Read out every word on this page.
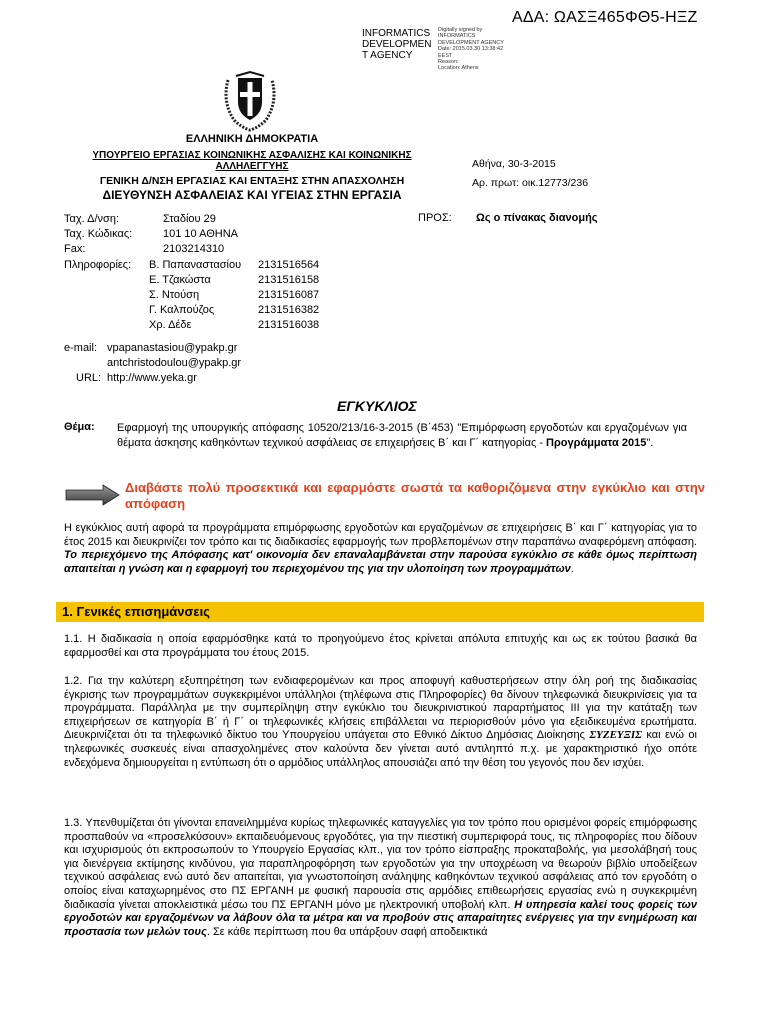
ΑΔΑ: ΩΑΣΞ465ΦΘ5-ΗΞΖ
INFORMATICS
DEVELOPMEN
T AGENCY
Digitally signed by
INFORMATICS
DEVELOPMENT AGENCY
Date: 2015.03.30 13:38:42
EEST
Reason:
Location: Athens
ΕΛΛΗΝΙΚΗ ΔΗΜΟΚΡΑΤΙΑ
ΥΠΟΥΡΓΕΙΟ ΕΡΓΑΣΙΑΣ ΚΟΙΝΩΝΙΚΗΣ ΑΣΦΑΛΙΣΗΣ ΚΑΙ ΚΟΙΝΩΝΙΚΗΣ
ΑΛΛΗΛΕΓΓΥΗΣ
ΓΕΝΙΚΗ Δ/ΝΣΗ ΕΡΓΑΣΙΑΣ ΚΑΙ ΕΝΤΑΞΗΣ ΣΤΗΝ ΑΠΑΣΧΟΛΗΣΗ
ΔΙΕΥΘΥΝΣΗ ΑΣΦΑΛΕΙΑΣ ΚΑΙ ΥΓΕΙΑΣ ΣΤΗΝ ΕΡΓΑΣΙΑ
Αθήνα, 30-3-2015
Αρ. πρωτ: οικ.12773/236
ΠΡΟΣ: Ως ο πίνακας διανομής
Ταχ. Δ/νση:	Σταδίου 29
Ταχ. Κώδικας:	101 10 ΑΘΗΝΑ
Fax:	2103214310
Πληροφορίες: Β. Παπαναστασίου 2131516564
Ε. Τζακώστα	2131516158
Σ. Ντούση	2131516087
Γ. Καλπούζος	2131516382
Χρ. Δέδε	2131516038
e-mail: vpapanastasiou@ypakp.gr
antchristodoulou@ypakp.gr
URL: http://www.yeka.gr
ΕΓΚΥΚΛΙΟΣ
Θέμα: Εφαρμογή της υπουργικής απόφασης 10520/213/16-3-2015 (Β΄453) "Επιμόρφωση εργοδοτών και εργαζομένων για θέματα άσκησης καθηκόντων τεχνικού ασφάλειας σε επιχειρήσεις Β΄ και Γ΄ κατηγορίας - Προγράμματα 2015".
Διαβάστε πολύ προσεκτικά και εφαρμόστε σωστά τα καθοριζόμενα στην εγκύκλιο και στην απόφαση
Η εγκύκλιος αυτή αφορά τα προγράμματα επιμόρφωσης εργοδοτών και εργαζομένων σε επιχειρήσεις Β΄ και Γ΄ κατηγορίας για το έτος 2015 και διευκρινίζει τον τρόπο και τις διαδικασίες εφαρμογής των προβλεπομένων στην παραπάνω αναφερόμενη απόφαση. Το περιεχόμενο της Απόφασης κατ' οικονομία δεν επαναλαμβάνεται στην παρούσα εγκύκλιο σε κάθε όμως περίπτωση απαιτείται η γνώση και η εφαρμογή του περιεχομένου της για την υλοποίηση των προγραμμάτων.
1. Γενικές επισημάνσεις
1.1. Η διαδικασία η οποία εφαρμόσθηκε κατά το προηγούμενο έτος κρίνεται απόλυτα επιτυχής και ως εκ τούτου βασικά θα εφαρμοσθεί και στα προγράμματα του έτους 2015.
1.2. Για την καλύτερη εξυπηρέτηση των ενδιαφερομένων και προς αποφυγή καθυστερήσεων στην όλη ροή της διαδικασίας έγκρισης των προγραμμάτων συγκεκριμένοι υπάλληλοι (τηλέφωνα στις Πληροφορίες) θα δίνουν τηλεφωνικά διευκρινίσεις για τα προγράμματα. Παράλληλα με την συμπερίληψη στην εγκύκλιο του διευκρινιστικού παραρτήματος ΙΙΙ για την κατάταξη των επιχειρήσεων σε κατηγορία Β΄ ή Γ΄ οι τηλεφωνικές κλήσεις επιβάλλεται να περιορισθούν μόνο για εξειδικευμένα ερωτήματα. Διευκρινίζεται ότι τα τηλεφωνικό δίκτυο του Υπουργείου υπάγεται στο Εθνικό Δίκτυο Δημόσιας Διοίκησης ΣΥΖΕΥΞΙΣ και ενώ οι τηλεφωνικές συσκευές είναι απασχολημένες στον καλούντα δεν γίνεται αυτό αντιληπτό π.χ. με χαρακτηριστικό ήχο οπότε ενδεχόμενα δημιουργείται η εντύπωση ότι ο αρμόδιος υπάλληλος απουσιάζει από την θέση του γεγονός που δεν ισχύει.
1.3. Υπενθυμίζεται ότι γίνονται επανειλημμένα κυρίως τηλεφωνικές καταγγελίες για τον τρόπο που ορισμένοι φορείς επιμόρφωσης προσπαθούν να «προσελκύσουν» εκπαιδευόμενους εργοδότες, για την πιεστική συμπεριφορά τους, τις πληροφορίες που δίδουν και ισχυρισμούς ότι εκπροσωπούν το Υπουργείο Εργασίας κλπ., για τον τρόπο είσπραξης προκαταβολής, για μεσολάβησή τους για διενέργεια εκτίμησης κινδύνου, για παραπληροφόρηση των εργοδοτών για την υποχρέωση να θεωρούν βιβλίο υποδείξεων τεχνικού ασφάλειας ενώ αυτό δεν απαιτείται, για γνωστοποίηση ανάληψης καθηκόντων τεχνικού ασφάλειας από τον εργοδότη ο οποίος είναι καταχωρημένος στο ΠΣ ΕΡΓΑΝΗ με φυσική παρουσία στις αρμόδιες επιθεωρήσεις εργασίας ενώ η συγκεκριμένη διαδικασία γίνεται αποκλειστικά μέσω του ΠΣ ΕΡΓΑΝΗ μόνο με ηλεκτρονική υποβολή κλπ. Η υπηρεσία καλεί τους φορείς των εργοδοτών και εργαζομένων να λάβουν όλα τα μέτρα και να προβούν στις απαραίτητες ενέργειες για την ενημέρωση και προστασία των μελών τους. Σε κάθε περίπτωση που θα υπάρξουν σαφή αποδεικτικά
